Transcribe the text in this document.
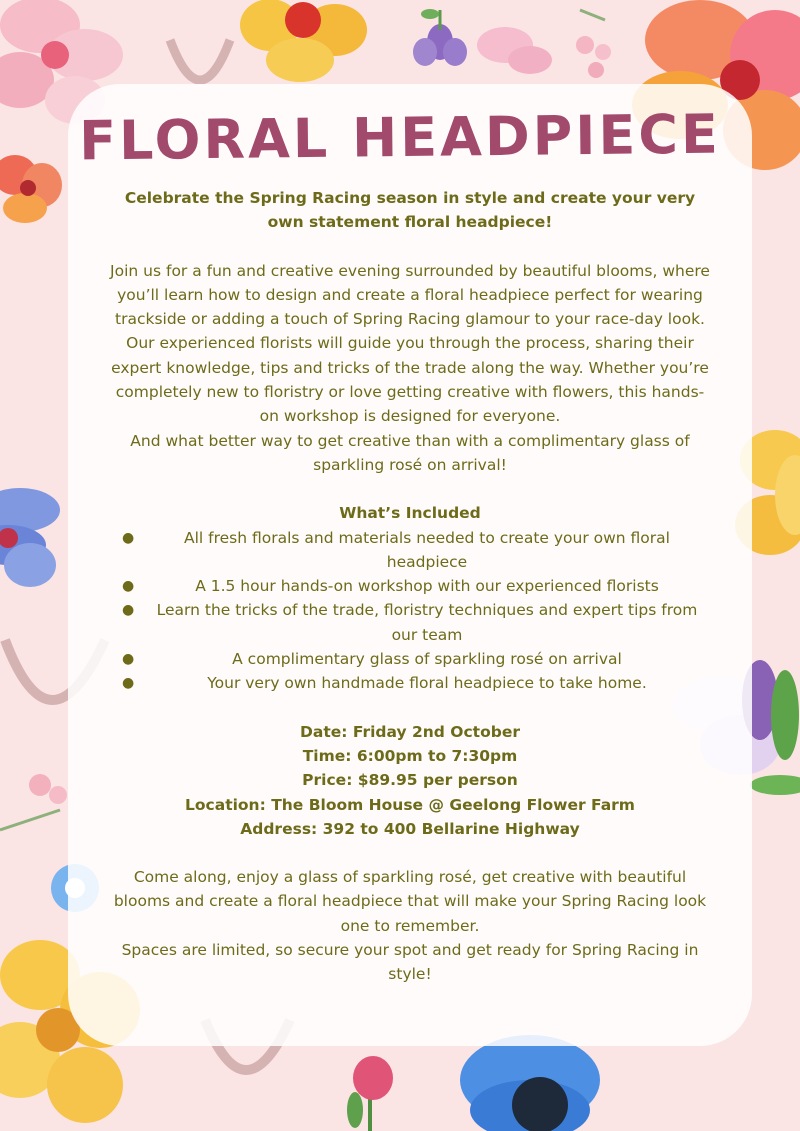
FLORAL HEADPIECE

Celebrate the Spring Racing season in style and create your very own statement floral headpiece!

Join us for a fun and creative evening surrounded by beautiful blooms, where you’ll learn how to design and create a floral headpiece perfect for wearing trackside or adding a touch of Spring Racing glamour to your race-day look.

Our experienced florists will guide you through the process, sharing their expert knowledge, tips and tricks of the trade along the way. Whether you’re completely new to floristry or love getting creative with flowers, this hands-on workshop is designed for everyone.

And what better way to get creative than with a complimentary glass of sparkling rosé on arrival!

What’s Included

●	All fresh florals and materials needed to create your own floral headpiece
●	A 1.5 hour hands-on workshop with our experienced florists
● Learn the tricks of the trade, floristry techniques and expert tips from our team
●	A complimentary glass of sparkling rosé on arrival
●	Your very own handmade floral headpiece to take home.

Date: Friday 2nd October

Time: 6:00pm to 7:30pm

Price: $89.95 per person

Location: The Bloom House @ Geelong Flower Farm

Address: 392 to 400 Bellarine Highway

Come along, enjoy a glass of sparkling rosé, get creative with beautiful blooms and create a floral headpiece that will make your Spring Racing look one to remember.

Spaces are limited, so secure your spot and get ready for Spring Racing in style!
